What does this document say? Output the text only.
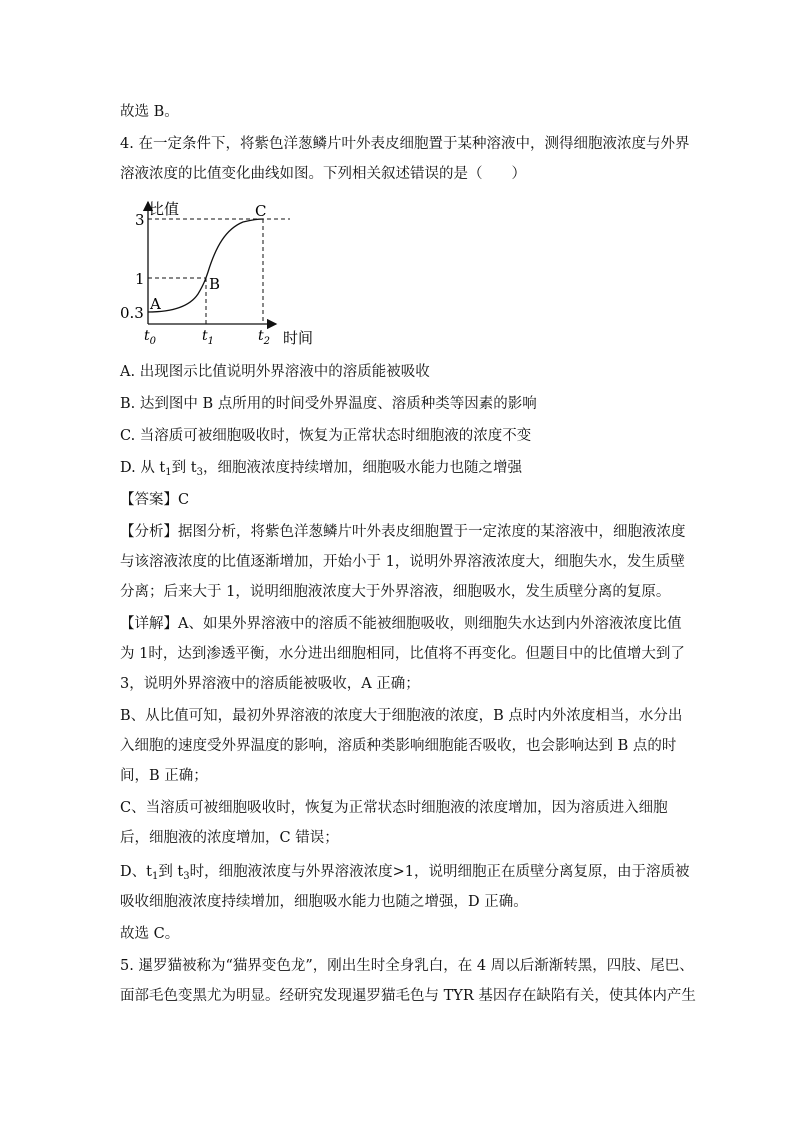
故选 B。
4. 在一定条件下，将紫色洋葱鳞片叶外表皮细胞置于某种溶液中，测得细胞液浓度与外界
溶液浓度的比值变化曲线如图。下列相关叙述错误的是（　　）
比值
时间
3
1
0.3
$t_0$	$t_1$	$t_2$
A
B
C
A. 出现图示比值说明外界溶液中的溶质能被吸收
B. 达到图中 B 点所用的时间受外界温度、溶质种类等因素的影响
C. 当溶质可被细胞吸收时，恢复为正常状态时细胞液的浓度不变
D. 从 $t_1$到 $t_3$，细胞液浓度持续增加，细胞吸水能力也随之增强
【答案】C
【分析】据图分析，将紫色洋葱鳞片叶外表皮细胞置于一定浓度的某溶液中，细胞液浓度
与该溶液浓度的比值逐渐增加，开始小于 1，说明外界溶液浓度大，细胞失水，发生质壁
分离；后来大于 1，说明细胞液浓度大于外界溶液，细胞吸水，发生质壁分离的复原。
【详解】A、如果外界溶液中的溶质不能被细胞吸收，则细胞失水达到内外溶液浓度比值
为 1时，达到渗透平衡，水分进出细胞相同，比值将不再变化。但题目中的比值增大到了
3，说明外界溶液中的溶质能被吸收，A 正确；
B、从比值可知，最初外界溶液的浓度大于细胞液的浓度，B 点时内外浓度相当，水分出
入细胞的速度受外界温度的影响，溶质种类影响细胞能否吸收，也会影响达到 B 点的时
间，B 正确；
C、当溶质可被细胞吸收时，恢复为正常状态时细胞液的浓度增加，因为溶质进入细胞
后，细胞液的浓度增加，C 错误；
D、$t_1$到 $t_3$时，细胞液浓度与外界溶液浓度>1，说明细胞正在质壁分离复原，由于溶质被
吸收细胞液浓度持续增加，细胞吸水能力也随之增强，D 正确。
故选 C。
5. 暹罗猫被称为“猫界变色龙”，刚出生时全身乳白，在 4 周以后渐渐转黑，四肢、尾巴、
面部毛色变黑尤为明显。经研究发现暹罗猫毛色与 TYR 基因存在缺陷有关，使其体内产生
